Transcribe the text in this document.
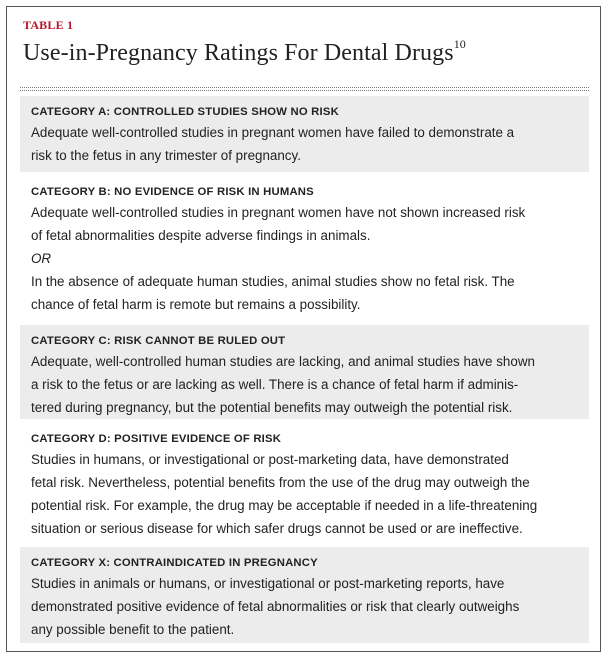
TABLE 1
Use-in-Pregnancy Ratings For Dental Drugs$^{10}$
CATEGORY A: CONTROLLED STUDIES SHOW NO RISK
Adequate well-controlled studies in pregnant women have failed to demonstrate a
risk to the fetus in any trimester of pregnancy.
CATEGORY B: NO EVIDENCE OF RISK IN HUMANS
Adequate well-controlled studies in pregnant women have not shown increased risk
of fetal abnormalities despite adverse findings in animals.
OR
In the absence of adequate human studies, animal studies show no fetal risk. The
chance of fetal harm is remote but remains a possibility.
CATEGORY C: RISK CANNOT BE RULED OUT
Adequate, well-controlled human studies are lacking, and animal studies have shown
a risk to the fetus or are lacking as well. There is a chance of fetal harm if adminis-
tered during pregnancy, but the potential benefits may outweigh the potential risk.
CATEGORY D: POSITIVE EVIDENCE OF RISK
Studies in humans, or investigational or post-marketing data, have demonstrated
fetal risk. Nevertheless, potential benefits from the use of the drug may outweigh the
potential risk. For example, the drug may be acceptable if needed in a life-threatening
situation or serious disease for which safer drugs cannot be used or are ineffective.
CATEGORY X: CONTRAINDICATED IN PREGNANCY
Studies in animals or humans, or investigational or post-marketing reports, have
demonstrated positive evidence of fetal abnormalities or risk that clearly outweighs
any possible benefit to the patient.
